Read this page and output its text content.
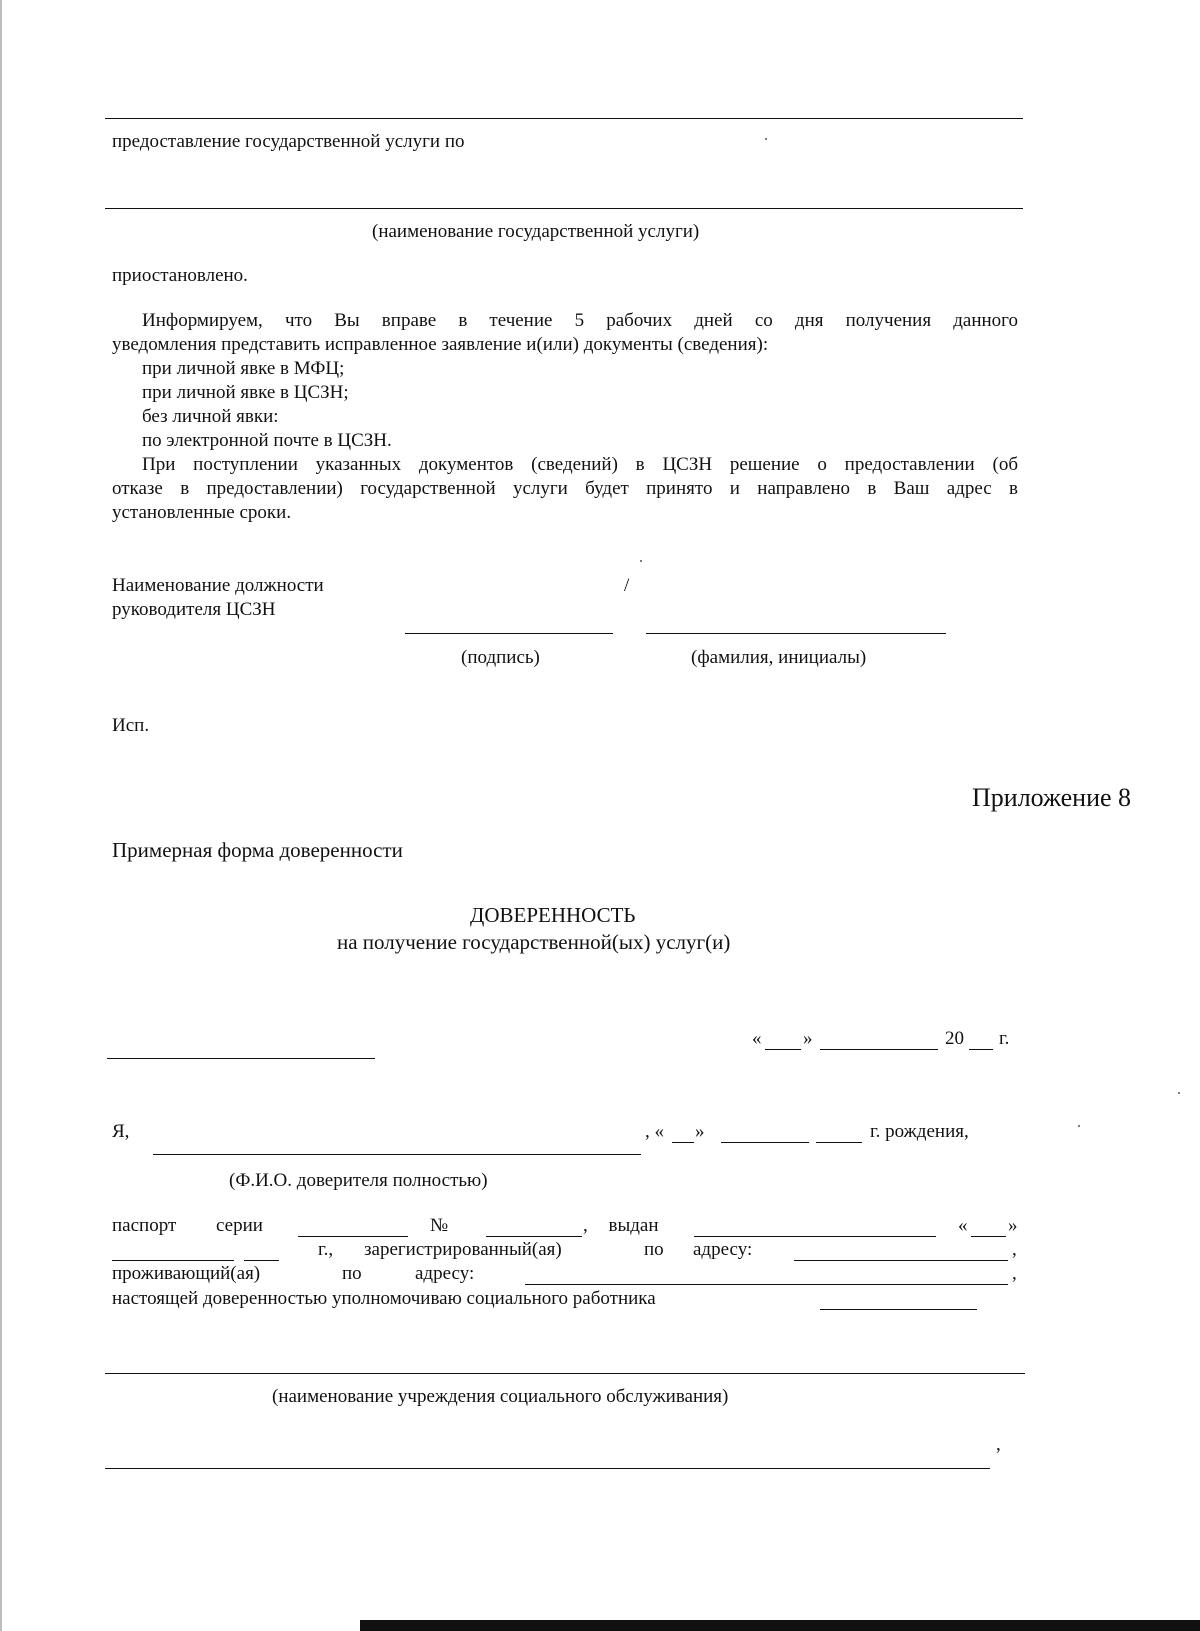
предоставление государственной услуги по
(наименование государственной услуги)
приостановлено.
Информируем, что Вы вправе в течение 5 рабочих дней со дня получения данного
уведомления представить исправленное заявление и(или) документы (сведения):
при личной явке в МФЦ;
при личной явке в ЦСЗН;
без личной явки:
по электронной почте в ЦСЗН.
При поступлении указанных документов (сведений) в ЦСЗН решение о предоставлении (об
отказе в предоставлении) государственной услуги будет принято и направлено в Ваш адрес в
установленные сроки.
Наименование должности
руководителя ЦСЗН
/
(подпись)	(фамилия, инициалы)
Исп.
Приложение 8
Примерная форма доверенности
ДОВЕРЕННОСТЬ
на получение государственной(ых) услуг(и)
« »	20 г.
Я,	, « »	г. рождения,
(Ф.И.О. доверителя полностью)
паспорт серии	№	, выдан	« »
г., зарегистрированный(ая)	по адресу:	,
проживающий(ая)	по	адресу:	,
настоящей доверенностью уполномочиваю социального работника
(наименование учреждения социального обслуживания)
,
